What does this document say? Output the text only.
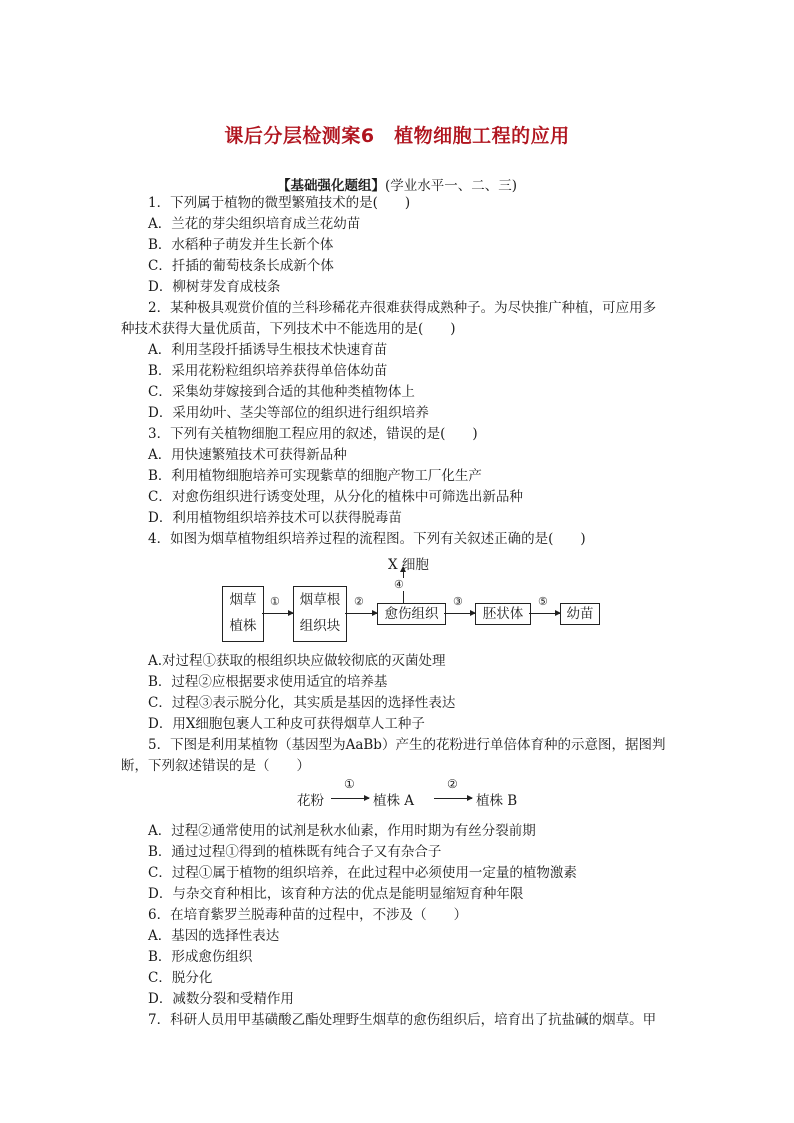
课后分层检测案6　植物细胞工程的应用
【基础强化题组】(学业水平一、二、三)
1．下列属于植物的微型繁殖技术的是(　　)
A．兰花的芽尖组织培育成兰花幼苗
B．水稻种子萌发并生长新个体
C．扦插的葡萄枝条长成新个体
D．柳树芽发育成枝条
2．某种极具观赏价值的兰科珍稀花卉很难获得成熟种子。为尽快推广种植，可应用多
种技术获得大量优质苗，下列技术中不能选用的是(　　)
A．利用茎段扦插诱导生根技术快速育苗
B．采用花粉粒组织培养获得单倍体幼苗
C．采集幼芽嫁接到合适的其他种类植物体上
D．采用幼叶、茎尖等部位的组织进行组织培养
3．下列有关植物细胞工程应用的叙述，错误的是(　　)
A．用快速繁殖技术可获得新品种
B．利用植物细胞培养可实现紫草的细胞产物工厂化生产
C．对愈伤组织进行诱变处理，从分化的植株中可筛选出新品种
D．利用植物组织培养技术可以获得脱毒苗
4．如图为烟草植物组织培养过程的流程图。下列有关叙述正确的是(　　)
烟草
植株
①	烟草根
组织块
②
愈伤组织
④
X 细胞
③
胚状体
⑤
幼苗
A.对过程①获取的根组织块应做较彻底的灭菌处理
B．过程②应根据要求使用适宜的培养基
C．过程③表示脱分化，其实质是基因的选择性表达
D．用X细胞包裹人工种皮可获得烟草人工种子
5．下图是利用某植物（基因型为AaBb）产生的花粉进行单倍体育种的示意图，据图判
断，下列叙述错误的是（　　）
花粉
①
植株 A
②
植株 B
A．过程②通常使用的试剂是秋水仙素，作用时期为有丝分裂前期
B．通过过程①得到的植株既有纯合子又有杂合子
C．过程①属于植物的组织培养，在此过程中必须使用一定量的植物激素
D．与杂交育种相比，该育种方法的优点是能明显缩短育种年限
6．在培育紫罗兰脱毒种苗的过程中，不涉及（　　）
A．基因的选择性表达
B．形成愈伤组织
C．脱分化
D．减数分裂和受精作用
7．科研人员用甲基磺酸乙酯处理野生烟草的愈伤组织后，培育出了抗盐碱的烟草。甲
